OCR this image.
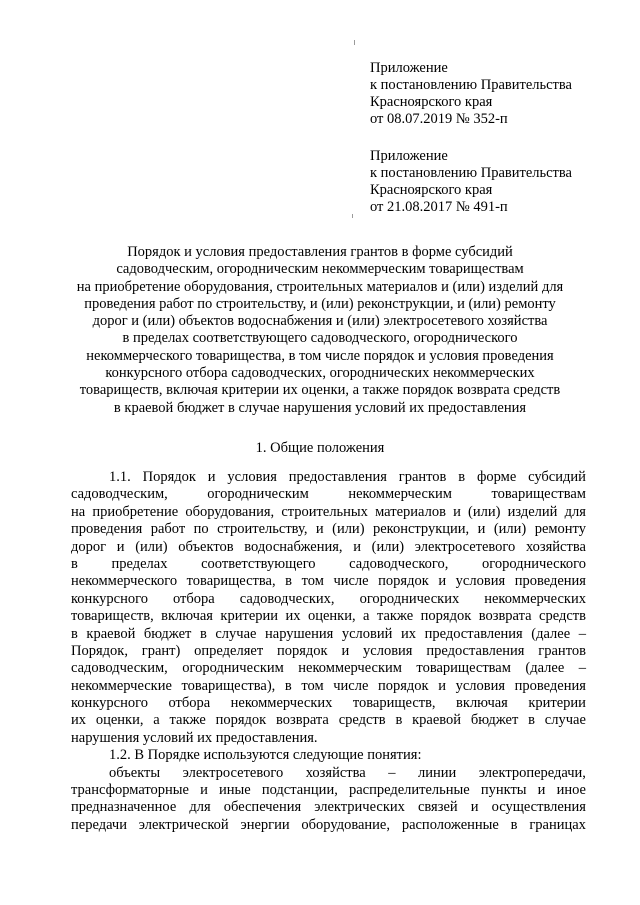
Приложение
к постановлению Правительства
Красноярского края
от 08.07.2019 № 352-п
Приложение
к постановлению Правительства
Красноярского края
от 21.08.2017 № 491-п
Порядок и условия предоставления грантов в форме субсидий
садоводческим, огородническим некоммерческим товариществам
на приобретение оборудования, строительных материалов и (или) изделий для
проведения работ по строительству, и (или) реконструкции, и (или) ремонту
дорог и (или) объектов водоснабжения и (или) электросетевого хозяйства
в пределах соответствующего садоводческого, огороднического
некоммерческого товарищества, в том числе порядок и условия проведения
конкурсного отбора садоводческих, огороднических некоммерческих
товариществ, включая критерии их оценки, а также порядок возврата средств
в краевой бюджет в случае нарушения условий их предоставления
1. Общие положения
1.1. Порядок и условия предоставления грантов в форме субсидий
садоводческим,	огородническим	некоммерческим	товариществам
на приобретение оборудования, строительных материалов и (или) изделий для
проведения работ по строительству, и (или) реконструкции, и (или) ремонту
дорог и (или) объектов водоснабжения, и (или) электросетевого хозяйства
в пределах соответствующего садоводческого, огороднического
некоммерческого товарищества, в том числе порядок и условия проведения
конкурсного отбора садоводческих, огороднических некоммерческих
товариществ, включая критерии их оценки, а также порядок возврата средств
в краевой бюджет в случае нарушения условий их предоставления (далее –
Порядок, грант) определяет порядок и условия предоставления грантов
садоводческим, огородническим некоммерческим товариществам (далее –
некоммерческие товарищества), в том числе порядок и условия проведения
конкурсного отбора некоммерческих товариществ, включая критерии
их оценки, а также порядок возврата средств в краевой бюджет в случае
нарушения условий их предоставления.
1.2. В Порядке используются следующие понятия:
объекты электросетевого хозяйства – линии электропередачи,
трансформаторные и иные подстанции, распределительные пункты и иное
предназначенное для обеспечения электрических связей и осуществления
передачи электрической энергии оборудование, расположенные в границах
